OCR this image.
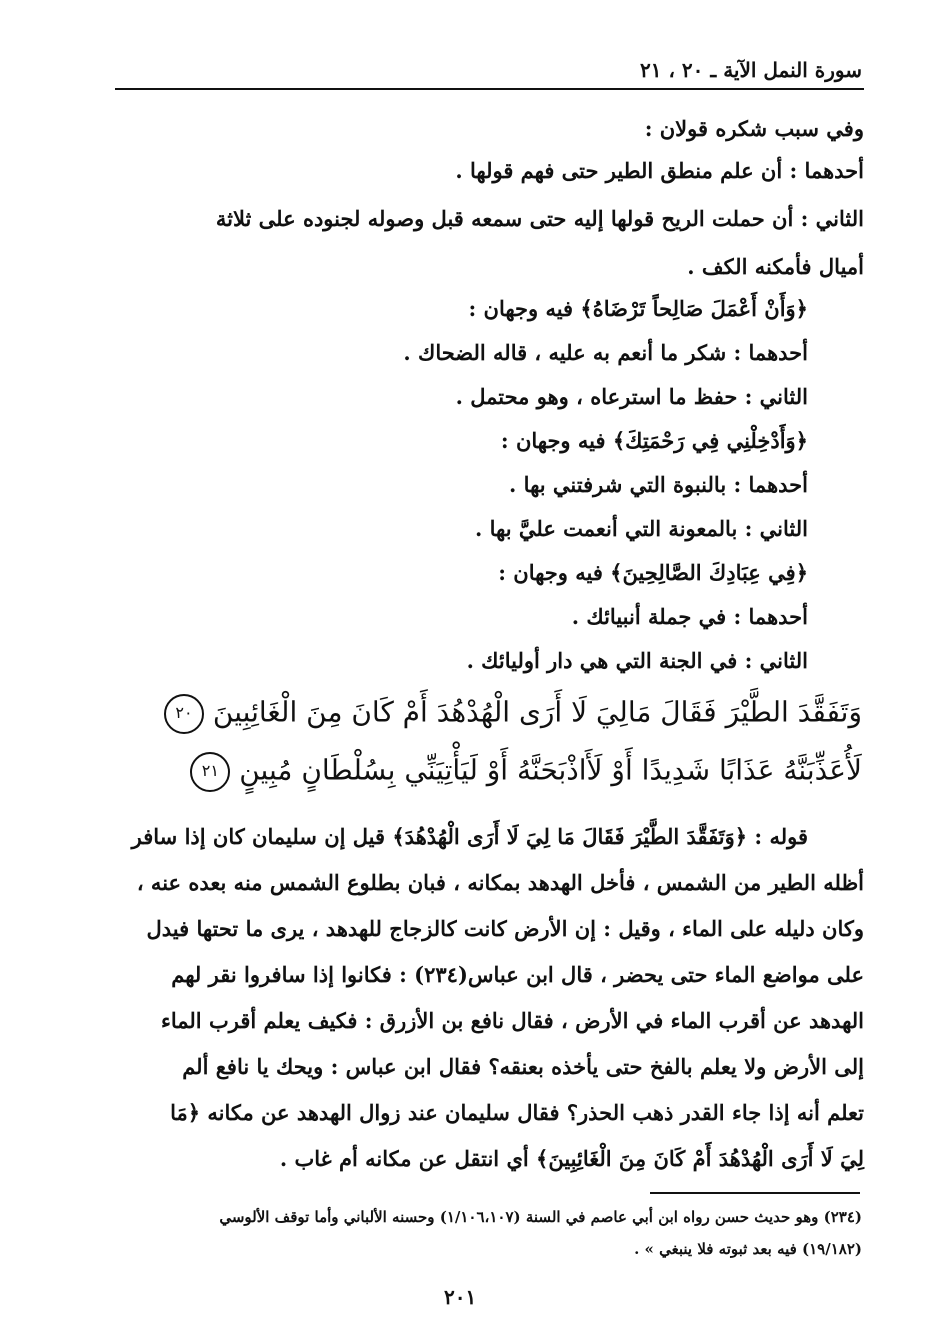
سورة النمل الآية ـ ٢٠ ، ٢١
وفي سبب شكره قولان :
أحدهما : أن علم منطق الطير حتى فهم قولها .
الثاني : أن حملت الريح قولها إليه حتى سمعه قبل وصوله لجنوده على ثلاثة
أميال فأمكنه الكف .
﴿وَأَنْ أَعْمَلَ صَالِحاً تَرْضَاهُ﴾ فيه وجهان :
أحدهما : شكر ما أنعم به عليه ، قاله الضحاك .
الثاني : حفظ ما استرعاه ، وهو محتمل .
﴿وَأَدْخِلْنِي فِي رَحْمَتِكَ﴾ فيه وجهان :
أحدهما : بالنبوة التي شرفتني بها .
الثاني : بالمعونة التي أنعمت عليَّ بها .
﴿فِي عِبَادِكَ الصَّالِحِينَ﴾ فيه وجهان :
أحدهما : في جملة أنبيائك .
الثاني : في الجنة التي هي دار أوليائك .
وَتَفَقَّدَ الطَّيْرَ فَقَالَ مَالِيَ لَا أَرَى الْهُدْهُدَ أَمْ كَانَ مِنَ الْغَائِبِينَ ٢٠
لَأُعَذِّبَنَّهُ عَذَابًا شَدِيدًا أَوْ لَأَاذْبَحَنَّهُ أَوْ لَيَأْتِيَنِّي بِسُلْطَانٍ مُبِينٍ ٢١
قوله : ﴿وَتَفَقَّدَ الطَّيْرَ فَقَالَ مَا لِيَ لَا أَرَى الْهُدْهُدَ﴾ قيل إن سليمان كان إذا سافر
أظله الطير من الشمس ، فأخل الهدهد بمكانه ، فبان بطلوع الشمس منه بعده عنه ،
وكان دليله على الماء ، وقيل : إن الأرض كانت كالزجاج للهدهد ، يرى ما تحتها فيدل
على مواضع الماء حتى يحضر ، قال ابن عباس(٢٣٤) : فكانوا إذا سافروا نقر لهم
الهدهد عن أقرب الماء في الأرض ، فقال نافع بن الأزرق : فكيف يعلم أقرب الماء
إلى الأرض ولا يعلم بالفخ حتى يأخذه بعنقه؟ فقال ابن عباس : ويحك يا نافع ألم
تعلم أنه إذا جاء القدر ذهب الحذر؟ فقال سليمان عند زوال الهدهد عن مكانه ﴿مَا
لِيَ لَا أَرَى الْهُدْهُدَ أَمْ كَانَ مِنَ الْغَائِبِينَ﴾ أي انتقل عن مكانه أم غاب .
(٢٣٤) وهو حديث حسن رواه ابن أبي عاصم في السنة (١/١٠٦،١٠٧) وحسنه الألباني وأما توقف الألوسي
(١٩/١٨٢) فيه بعد ثبوته فلا ينبغي » .
٢٠١
